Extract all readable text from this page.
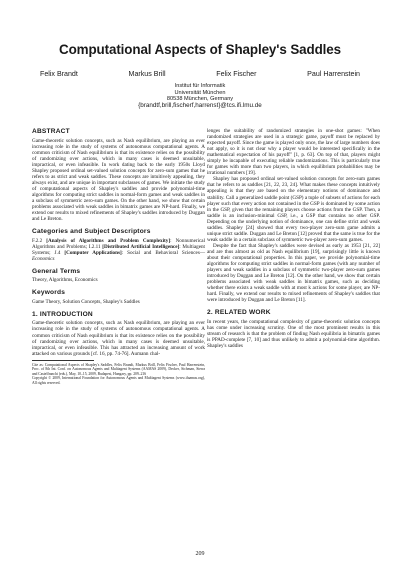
Computational Aspects of Shapley's Saddles
Felix Brandt	Markus Brill	Felix Fischer	Paul Harrenstein
Institut für Informatik
Universität München
80538 München, Germany
{brandtf,brill,fischerf,harrenst}@tcs.ifi.lmu.de
ABSTRACT

Game-theoretic solution concepts, such as Nash equilibrium, are playing an ever increasing role in the study of systems of autonomous computational agents. A common criticism of Nash equilibrium is that its existence relies on the possibility of randomizing over actions, which in many cases is deemed unsuitable, impractical, or even infeasible. In work dating back to the early 1950s Lloyd Shapley proposed ordinal set-valued solution concepts for zero-sum games that he refers to as strict and weak saddles. These concepts are intuitively appealing, they always exist, and are unique in important subclasses of games. We initiate the study of computational aspects of Shapley's saddles and provide polynomial-time algorithms for computing strict saddles in normal-form games and weak saddles in a subclass of symmetric zero-sum games. On the other hand, we show that certain problems associated with weak saddles in bimatrix games are NP-hard. Finally, we extend our results to mixed refinements of Shapley's saddles introduced by Duggan and Le Breton.

Categories and Subject Descriptors

F.2.2 [Analysis of Algorithms and Problem Complexity]: Nonnumerical Algorithms and Problems; I.2.11 [Distributed Artificial Intelligence]: Multiagent Systems; J.4 [Computer Applications]: Social and Behavioral Sciences—Economics

General Terms

Theory, Algorithms, Economics

Keywords

Game Theory, Solution Concepts, Shapley's Saddles

1. INTRODUCTION

Game-theoretic solution concepts, such as Nash equilibrium, are playing an ever increasing role in the study of systems of autonomous computational agents. A common criticism of Nash equilibrium is that its existence relies on the possibility of randomizing over actions, which in many cases is deemed unsuitable, impractical, or even infeasible. This has attracted an increasing amount of work attacked on various grounds [cf. 16, pp. 74-76]. Aumann chal-

Cite as: Computational Aspects of Shapley's Saddles, Felix Brandt, Markus Brill, Felix Fischer, Paul Harrenstein, Proc. of 8th Int. Conf. on Autonomous Agents and Multiagent Systems (AAMAS 2009), Decker, Sichman, Sierra and Castelfranchi (eds.), May, 10–15, 2009, Budapest, Hungary, pp. 209–216

Copyright © 2009, International Foundation for Autonomous Agents and Multiagent Systems (www.ifaamas.org), All rights reserved.

lenges the suitability of randomized strategies in one-shot games: "When randomized strategies are used in a strategic game, payoff must be replaced by expected payoff. Since the game is played only once, the law of large numbers does not apply, so it is not clear why a player would be interested specifically in the mathematical expectation of his payoff" [1, p. 63]. On top of that, players might simply be incapable of executing reliable randomizations. This is particularly true for games with more than two players, in which equilibrium probabilities may be irrational numbers [19].

Shapley has proposed ordinal set-valued solution concepts for zero-sum games that he refers to as saddles [21, 22, 23, 24]. What makes these concepts intuitively appealing is that they are based on the elementary notions of dominance and stability. Call a generalized saddle point (GSP) a tuple of subsets of actions for each player such that every action not contained in the GSP is dominated by some action in the GSP, given that the remaining players choose actions from the GSP. Then, a saddle is an inclusion-minimal GSP, i.e., a GSP that contains no other GSP. Depending on the underlying notion of dominance, one can define strict and weak saddles. Shapley [24] showed that every two-player zero-sum game admits a unique strict saddle. Duggan and Le Breton [12] proved that the same is true for the weak saddle in a certain subclass of symmetric two-player zero-sum games.

Despite the fact that Shapley's saddles were devised as early as 1953 [21, 22] and are thus almost as old as Nash equilibrium [19], surprisingly little is known about their computational properties. In this paper, we provide polynomial-time algorithms for computing strict saddles in normal-form games (with any number of players and weak saddles in a subclass of symmetric two-player zero-sum games introduced by Duggan and Le Breton [12]. On the other hand, we show that certain problems associated with weak saddles in bimatrix games, such as deciding whether there exists a weak saddle with at most k actions for some player, are NP-hard. Finally, we extend our results to mixed refinements of Shapley's saddles that were introduced by Duggan and Le Breton [11].

2. RELATED WORK

In recent years, the computational complexity of game-theoretic solution concepts has come under increasing scrutiny. One of the most prominent results in this stream of research is that the problem of finding Nash equilibria in bimatrix games is PPAD-complete [7, 10] and thus unlikely to admit a polynomial-time algorithm. Shapley's saddles

209
